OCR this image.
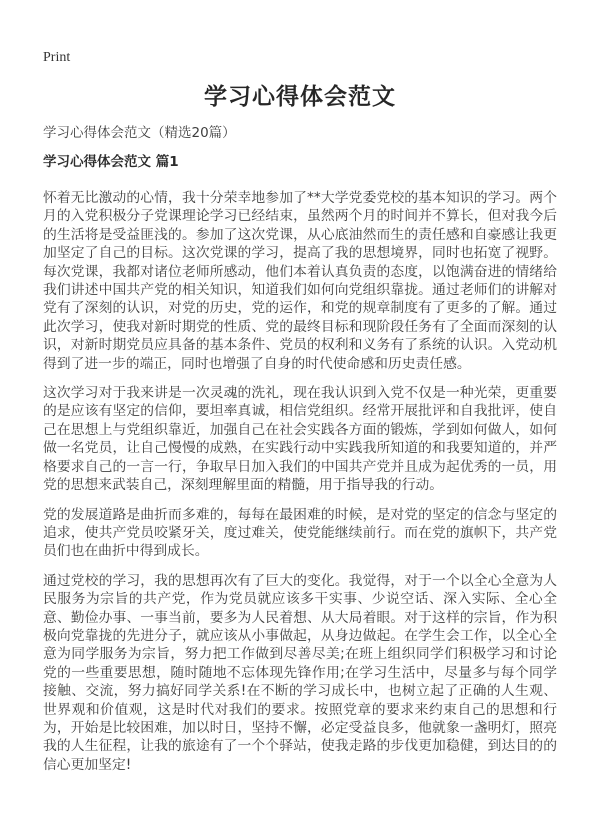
Print
学习心得体会范文
学习心得体会范文（精选20篇）
学习心得体会范文 篇1

怀着无比激动的心情，我十分荣幸地参加了**大学党委党校的基本知识的学习。两个月的入党积极分子党课理论学习已经结束，虽然两个月的时间并不算长，但对我今后的生活将是受益匪浅的。参加了这次党课，从心底油然而生的责任感和自豪感让我更加坚定了自己的目标。这次党课的学习，提高了我的思想境界，同时也拓宽了视野。每次党课，我都对诸位老师所感动，他们本着认真负责的态度，以饱满奋进的情绪给我们讲述中国共产党的相关知识，知道我们如何向党组织靠拢。通过老师们的讲解对党有了深刻的认识，对党的历史，党的运作，和党的规章制度有了更多的了解。通过此次学习，使我对新时期党的性质、党的最终目标和现阶段任务有了全面而深刻的认识，对新时期党员应具备的基本条件、党员的权利和义务有了系统的认识。入党动机得到了进一步的端正，同时也增强了自身的时代使命感和历史责任感。

这次学习对于我来讲是一次灵魂的洗礼，现在我认识到入党不仅是一种光荣，更重要的是应该有坚定的信仰，要坦率真诚，相信党组织。经常开展批评和自我批评，使自己在思想上与党组织靠近，加强自己在社会实践各方面的锻炼，学到如何做人，如何做一名党员，让自己慢慢的成熟，在实践行动中实践我所知道的和我要知道的，并严格要求自己的一言一行，争取早日加入我们的中国共产党并且成为起优秀的一员，用党的思想来武装自己，深刻理解里面的精髓，用于指导我的行动。

党的发展道路是曲折而多难的，每每在最困难的时候，是对党的坚定的信念与坚定的追求，使共产党员咬紧牙关，度过难关，使党能继续前行。而在党的旗帜下，共产党员们也在曲折中得到成长。

通过党校的学习，我的思想再次有了巨大的变化。我觉得，对于一个以全心全意为人民服务为宗旨的共产党，作为党员就应该多干实事、少说空话、深入实际、全心全意、勤俭办事、一事当前，要多为人民着想、从大局着眼。对于这样的宗旨，作为积极向党靠拢的先进分子，就应该从小事做起，从身边做起。在学生会工作，以全心全意为同学服务为宗旨，努力把工作做到尽善尽美;在班上组织同学们积极学习和讨论党的一些重要思想，随时随地不忘体现先锋作用;在学习生活中，尽量多与每个同学接触、交流，努力搞好同学关系!在不断的学习成长中，也树立起了正确的人生观、世界观和价值观，这是时代对我们的要求。按照党章的要求来约束自己的思想和行为，开始是比较困难，加以时日，坚持不懈，必定受益良多，他就象一盏明灯，照亮我的人生征程，让我的旅途有了一个个驿站，使我走路的步伐更加稳健，到达目的的信心更加坚定!
